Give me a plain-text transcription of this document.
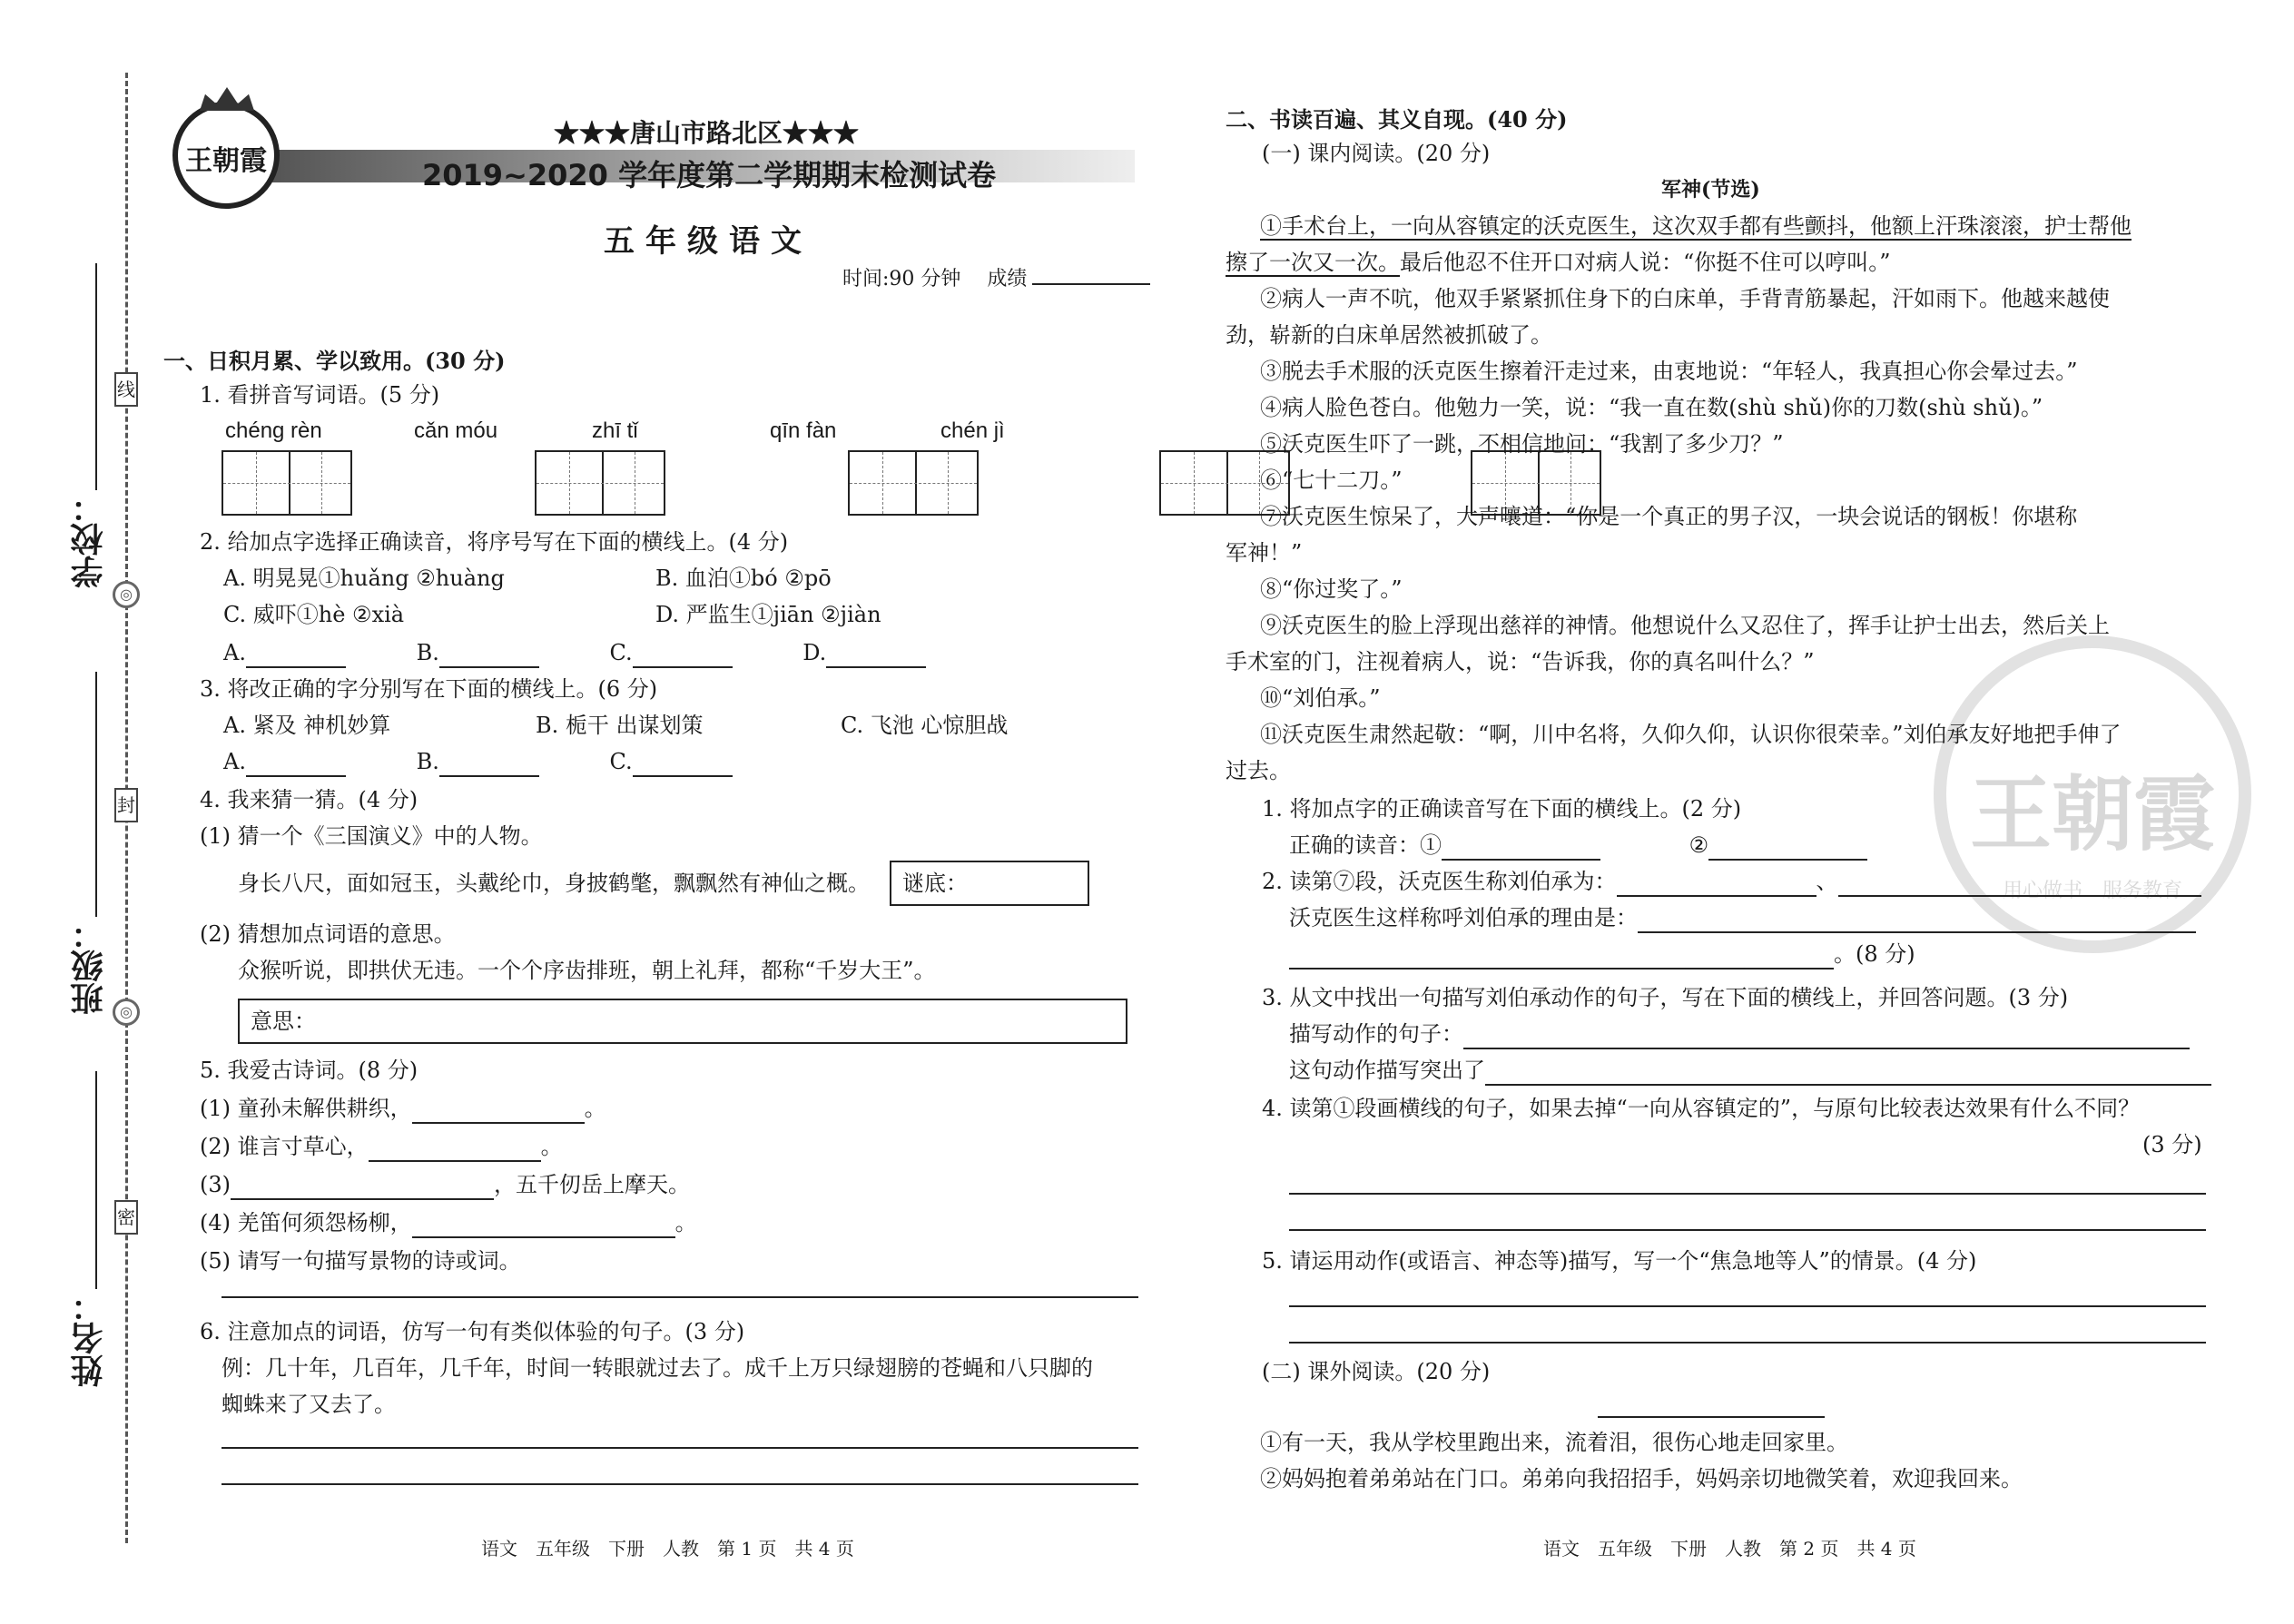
线
◎
封
◎
密
学校：
班级：
姓名：
王朝霞
★★★唐山市路北区★★★
2019~2020 学年度第二学期期末检测试卷
五年级语文
时间:90 分钟　 成绩
一、日积月累、学以致用。(30 分)
1. 看拼音写词语。(5 分)
chéng rèn	cǎn móu	zhī tǐ	qīn fàn	chén jì

2. 给加点字选择正确读音，将序号写在下面的横线上。(4 分)
A. 明晃晃①huǎng ②huàng	B. 血泊①bó ②pō
C. 威吓①hè ②xià	D. 严监生①jiān ②jiàn
A.	B.	C.	D.
3. 将改正确的字分别写在下面的横线上。(6 分)
A. 紧及 神机妙算	B. 栀干 出谋划策	C. 飞池 心惊胆战
A.	B.	C.
4. 我来猜一猜。(4 分)
(1) 猜一个《三国演义》中的人物。
身长八尺，面如冠玉，头戴纶巾，身披鹤氅，飘飘然有神仙之概。	谜底：
(2) 猜想加点词语的意思。
众猴听说，即拱伏无违。一个个序齿排班，朝上礼拜，都称“千岁大王”。
意思：
5. 我爱古诗词。(8 分)
(1) 童孙未解供耕织，	。
(2) 谁言寸草心，	。
(3)	，五千仞岳上摩天。
(4) 羌笛何须怨杨柳，	。
(5) 请写一句描写景物的诗或词。
6. 注意加点的词语，仿写一句有类似体验的句子。(3 分)
例：几十年，几百年，几千年，时间一转眼就过去了。成千上万只绿翅膀的苍蝇和八只脚的
蜘蛛来了又去了。
语文　五年级　下册　人教　第 1 页　共 4 页
王朝霞
用心做书　服务教育
二、书读百遍、其义自现。(40 分)
(一) 课内阅读。(20 分)
军神(节选)
①手术台上，一向从容镇定的沃克医生，这次双手都有些颤抖，他额上汗珠滚滚，护士帮他
擦了一次又一次。最后他忍不住开口对病人说：“你挺不住可以哼叫。”
②病人一声不吭，他双手紧紧抓住身下的白床单，手背青筋暴起，汗如雨下。他越来越使
劲，崭新的白床单居然被抓破了。
③脱去手术服的沃克医生擦着汗走过来，由衷地说：“年轻人，我真担心你会晕过去。”
④病人脸色苍白。他勉力一笑，说：“我一直在数(shù shǔ)你的刀数(shù shǔ)。”
⑤沃克医生吓了一跳，不相信地问：“我割了多少刀？”
⑥“七十二刀。”
⑦沃克医生惊呆了，大声嚷道：“你是一个真正的男子汉，一块会说话的钢板！你堪称
军神！”
⑧“你过奖了。”
⑨沃克医生的脸上浮现出慈祥的神情。他想说什么又忍住了，挥手让护士出去，然后关上
手术室的门，注视着病人，说：“告诉我，你的真名叫什么？”
⑩“刘伯承。”
⑪沃克医生肃然起敬：“啊，川中名将，久仰久仰，认识你很荣幸。”刘伯承友好地把手伸了
过去。
1. 将加点字的正确读音写在下面的横线上。(2 分)
正确的读音：①	②
2. 读第⑦段，沃克医生称刘伯承为：	、
沃克医生这样称呼刘伯承的理由是：
。(8 分)
3. 从文中找出一句描写刘伯承动作的句子，写在下面的横线上，并回答问题。(3 分)
描写动作的句子：
这句动作描写突出了
4. 读第①段画横线的句子，如果去掉“一向从容镇定的”，与原句比较表达效果有什么不同？
(3 分)
5. 请运用动作(或语言、神态等)描写，写一个“焦急地等人”的情景。(4 分)
(二) 课外阅读。(20 分)
①有一天，我从学校里跑出来，流着泪，很伤心地走回家里。
②妈妈抱着弟弟站在门口。弟弟向我招招手，妈妈亲切地微笑着，欢迎我回来。
语文　五年级　下册　人教　第 2 页　共 4 页
